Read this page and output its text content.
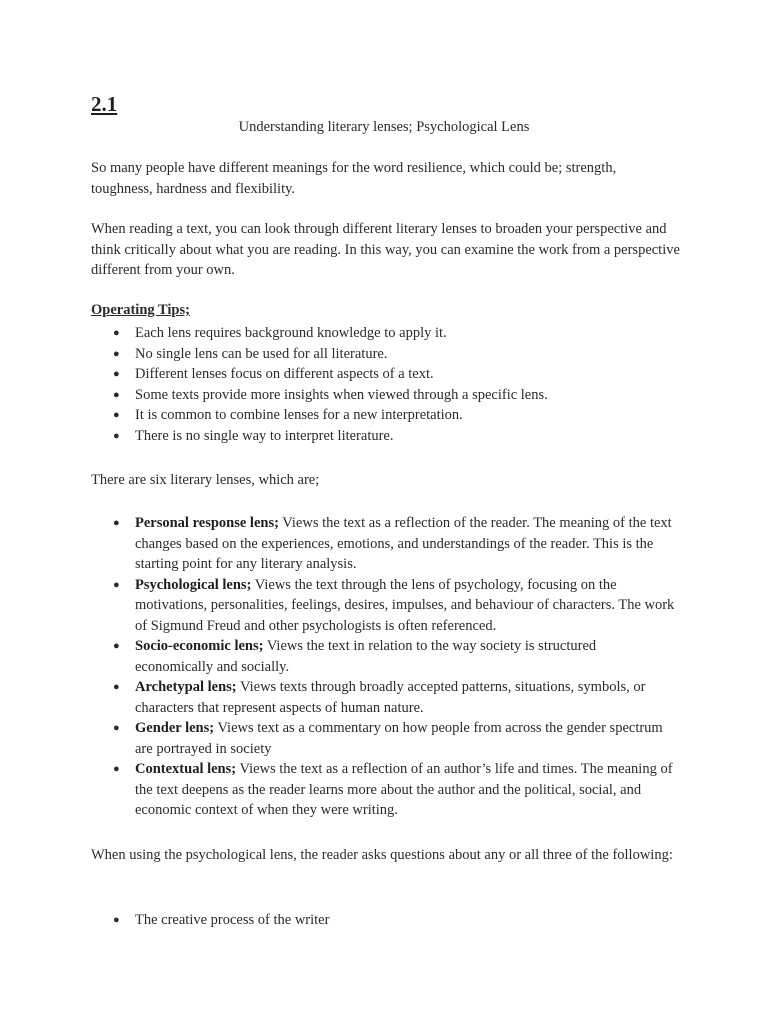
2.1

Understanding literary lenses; Psychological Lens

So many people have different meanings for the word resilience, which could be; strength, toughness, hardness and flexibility.

When reading a text, you can look through different literary lenses to broaden your perspective and think critically about what you are reading. In this way, you can examine the work from a perspective different from your own.

Operating Tips;

● Each lens requires background knowledge to apply it.
● No single lens can be used for all literature.
● Different lenses focus on different aspects of a text.
● Some texts provide more insights when viewed through a specific lens.
● It is common to combine lenses for a new interpretation.
● There is no single way to interpret literature.

There are six literary lenses, which are;

● Personal response lens; Views the text as a reflection of the reader. The meaning of the text changes based on the experiences, emotions, and understandings of the reader. This is the starting point for any literary analysis.
● Psychological lens; Views the text through the lens of psychology, focusing on the motivations, personalities, feelings, desires, impulses, and behaviour of characters. The work of Sigmund Freud and other psychologists is often referenced.
● Socio-economic lens; Views the text in relation to the way society is structured economically and socially.
● Archetypal lens; Views texts through broadly accepted patterns, situations, symbols, or characters that represent aspects of human nature.
● Gender lens; Views text as a commentary on how people from across the gender spectrum are portrayed in society
● Contextual lens; Views the text as a reflection of an author’s life and times. The meaning of the text deepens as the reader learns more about the author and the political, social, and economic context of when they were writing.

When using the psychological lens, the reader asks questions about any or all three of the following:

● The creative process of the writer
